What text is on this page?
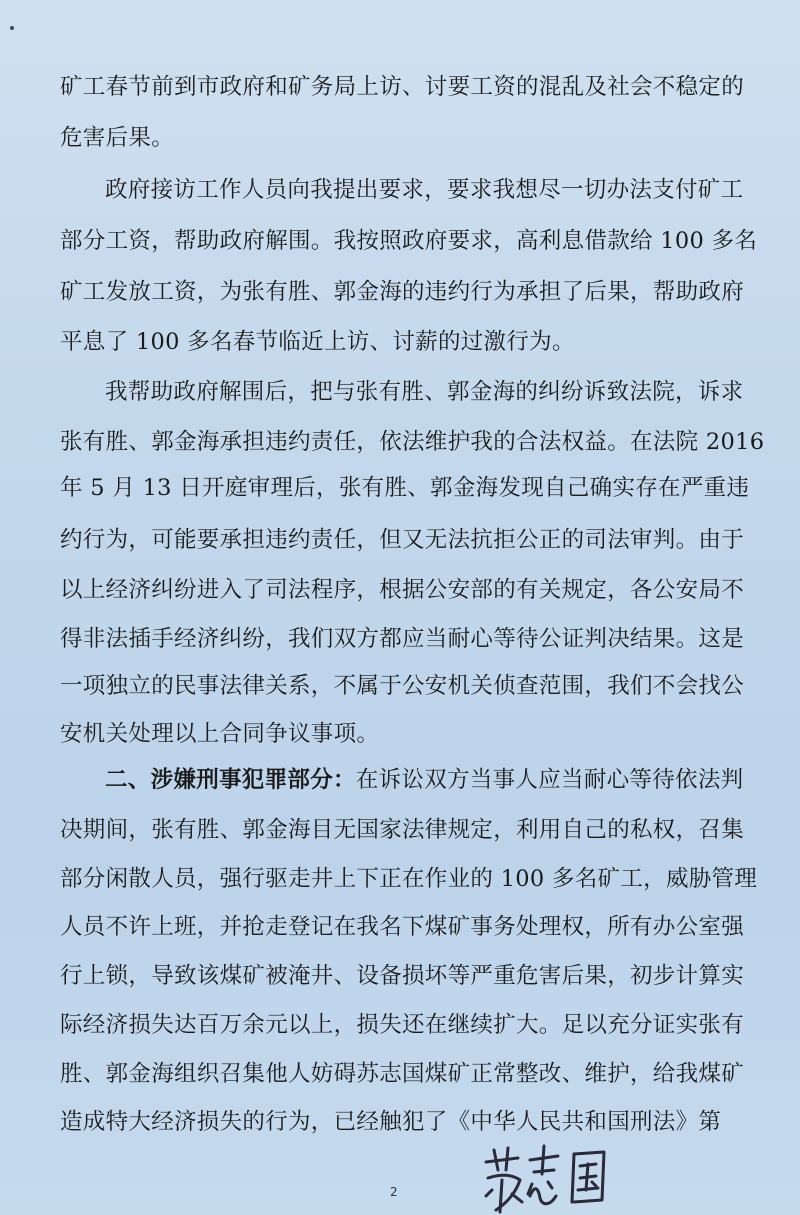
矿工春节前到市政府和矿务局上访、讨要工资的混乱及社会不稳定的
危害后果。
政府接访工作人员向我提出要求，要求我想尽一切办法支付矿工
部分工资，帮助政府解围。我按照政府要求，高利息借款给 100 多名
矿工发放工资，为张有胜、郭金海的违约行为承担了后果，帮助政府
平息了 100 多名春节临近上访、讨薪的过激行为。
我帮助政府解围后，把与张有胜、郭金海的纠纷诉致法院，诉求
张有胜、郭金海承担违约责任，依法维护我的合法权益。在法院 2016
年 5 月 13 日开庭审理后，张有胜、郭金海发现自己确实存在严重违
约行为，可能要承担违约责任，但又无法抗拒公正的司法审判。由于
以上经济纠纷进入了司法程序，根据公安部的有关规定，各公安局不
得非法插手经济纠纷，我们双方都应当耐心等待公证判决结果。这是
一项独立的民事法律关系，不属于公安机关侦查范围，我们不会找公
安机关处理以上合同争议事项。
二、涉嫌刑事犯罪部分：在诉讼双方当事人应当耐心等待依法判
决期间，张有胜、郭金海目无国家法律规定，利用自己的私权，召集
部分闲散人员，强行驱走井上下正在作业的 100 多名矿工，威胁管理
人员不许上班，并抢走登记在我名下煤矿事务处理权，所有办公室强
行上锁，导致该煤矿被淹井、设备损坏等严重危害后果，初步计算实
际经济损失达百万余元以上，损失还在继续扩大。足以充分证实张有
胜、郭金海组织召集他人妨碍苏志国煤矿正常整改、维护，给我煤矿
造成特大经济损失的行为，已经触犯了《中华人民共和国刑法》第
2
